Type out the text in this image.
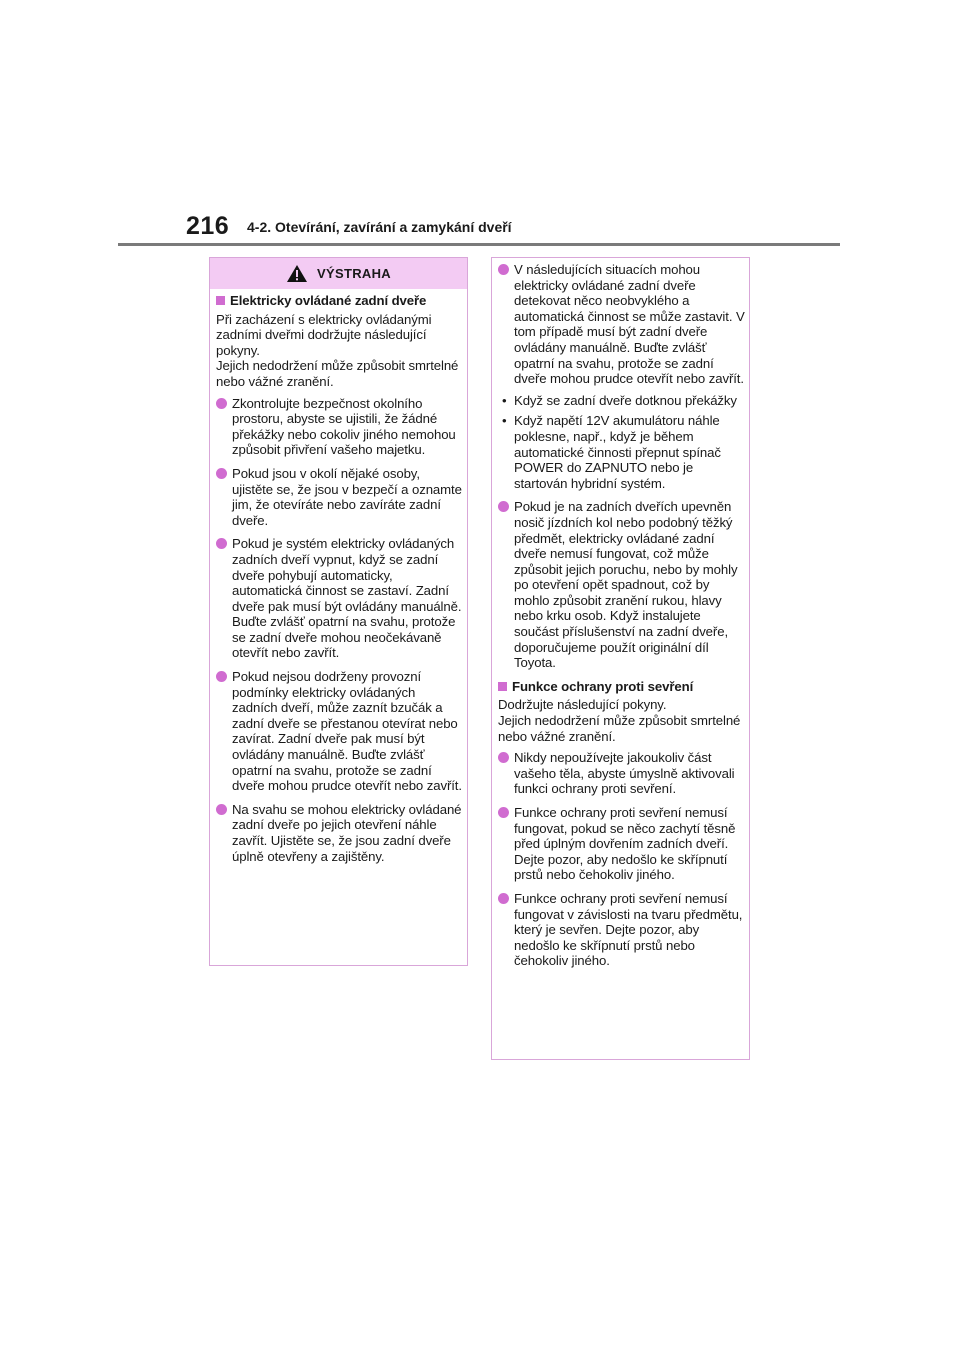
216 4-2. Otevírání, zavírání a zamykání dveří
VÝSTRAHA
Elektricky ovládané zadní dveře
Při zacházení s elektricky ovládanými zadními dveřmi dodržujte následující pokyny.
Jejich nedodržení může způsobit smrtelné nebo vážné zranění.
Zkontrolujte bezpečnost okolního prostoru, abyste se ujistili, že žádné překážky nebo cokoliv jiného nemohou způsobit přivření vašeho majetku.
Pokud jsou v okolí nějaké osoby, ujistěte se, že jsou v bezpečí a oznamte jim, že otevíráte nebo zavíráte zadní dveře.
Pokud je systém elektricky ovládaných zadních dveří vypnut, když se zadní dveře pohybují automaticky, automatická činnost se zastaví. Zadní dveře pak musí být ovládány manuálně. Buďte zvlášť opatrní na svahu, protože se zadní dveře mohou neočekávaně otevřít nebo zavřít.
Pokud nejsou dodrženy provozní podmínky elektricky ovládaných zadních dveří, může zaznít bzučák a zadní dveře se přestanou otevírat nebo zavírat. Zadní dveře pak musí být ovládány manuálně. Buďte zvlášť opatrní na svahu, protože se zadní dveře mohou prudce otevřít nebo zavřít.
Na svahu se mohou elektricky ovládané zadní dveře po jejich otevření náhle zavřít. Ujistěte se, že jsou zadní dveře úplně otevřeny a zajištěny.
V následujících situacích mohou elektricky ovládané zadní dveře detekovat něco neobvyklého a automatická činnost se může zastavit. V tom případě musí být zadní dveře ovládány manuálně. Buďte zvlášť opatrní na svahu, protože se zadní dveře mohou prudce otevřít nebo zavřít.
• Když se zadní dveře dotknou překážky
• Když napětí 12V akumulátoru náhle poklesne, např., když je během automatické činnosti přepnut spínač POWER do ZAPNUTO nebo je startován hybridní systém.
Pokud je na zadních dveřích upevněn nosič jízdních kol nebo podobný těžký předmět, elektricky ovládané zadní dveře nemusí fungovat, což může způsobit jejich poruchu, nebo by mohly po otevření opět spadnout, což by mohlo způsobit zranění rukou, hlavy nebo krku osob. Když instalujete součást příslušenství na zadní dveře, doporučujeme použít originální díl Toyota.
Funkce ochrany proti sevření
Dodržujte následující pokyny.
Jejich nedodržení může způsobit smrtelné nebo vážné zranění.
Nikdy nepoužívejte jakoukoliv část vašeho těla, abyste úmyslně aktivovali funkci ochrany proti sevření.
Funkce ochrany proti sevření nemusí fungovat, pokud se něco zachytí těsně před úplným dovřením zadních dveří. Dejte pozor, aby nedošlo ke skřípnutí prstů nebo čehokoliv jiného.
Funkce ochrany proti sevření nemusí fungovat v závislosti na tvaru předmětu, který je sevřen. Dejte pozor, aby nedošlo ke skřípnutí prstů nebo čehokoliv jiného.
